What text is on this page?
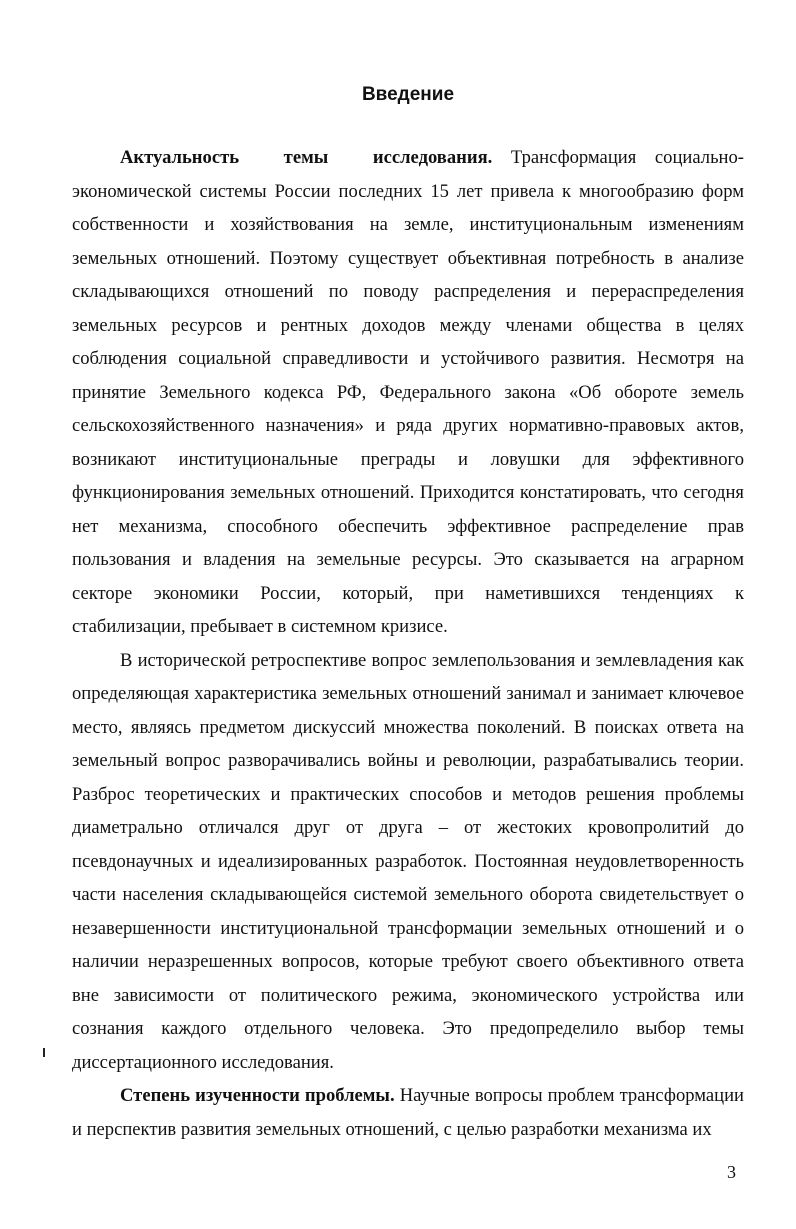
Введение

Актуальность темы исследования. Трансформация социально-экономической системы России последних 15 лет привела к многообразию форм собственности и хозяйствования на земле, институциональным изменениям земельных отношений. Поэтому существует объективная потребность в анализе складывающихся отношений по поводу распределения и перераспределения земельных ресурсов и рентных доходов между членами общества в целях соблюдения социальной справедливости и устойчивого развития. Несмотря на принятие Земельного кодекса РФ, Федерального закона «Об обороте земель сельскохозяйственного назначения» и ряда других нормативно-правовых актов, возникают институциональные преграды и ловушки для эффективного функционирования земельных отношений. Приходится констатировать, что сегодня нет механизма, способного обеспечить эффективное распределение прав пользования и владения на земельные ресурсы. Это сказывается на аграрном секторе экономики России, который, при наметившихся тенденциях к стабилизации, пребывает в системном кризисе.

В исторической ретроспективе вопрос землепользования и землевладения как определяющая характеристика земельных отношений занимал и занимает ключевое место, являясь предметом дискуссий множества поколений. В поисках ответа на земельный вопрос разворачивались войны и революции, разрабатывались теории. Разброс теоретических и практических способов и методов решения проблемы диаметрально отличался друг от друга – от жестоких кровопролитий до псевдонаучных и идеализированных разработок. Постоянная неудовлетворенность части населения складывающейся системой земельного оборота свидетельствует о незавершенности институциональной трансформации земельных отношений и о наличии неразрешенных вопросов, которые требуют своего объективного ответа вне зависимости от политического режима, экономического устройства или сознания каждого отдельного человека. Это предопределило выбор темы диссертационного исследования.

Степень изученности проблемы. Научные вопросы проблем трансформации и перспектив развития земельных отношений, с целью разработки механизма их

3
